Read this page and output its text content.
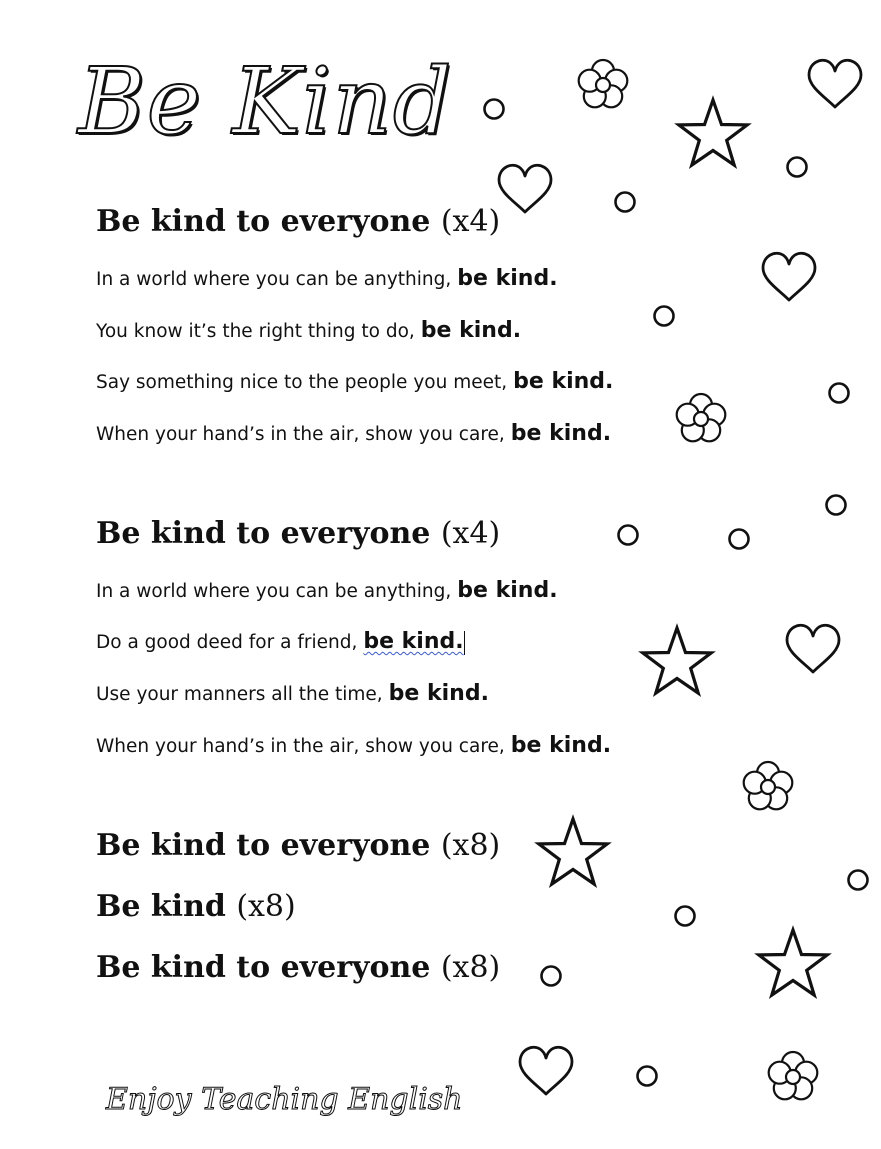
Be Kind
Be kind to everyone (x4)
In a world where you can be anything, be kind.
You know it’s the right thing to do, be kind.
Say something nice to the people you meet, be kind.
When your hand’s in the air, show you care, be kind.
Be kind to everyone (x4)
In a world where you can be anything, be kind.
Do a good deed for a friend, be kind.
Use your manners all the time, be kind.
When your hand’s in the air, show you care, be kind.
Be kind to everyone (x8)
Be kind (x8)
Be kind to everyone (x8)
Enjoy Teaching English
